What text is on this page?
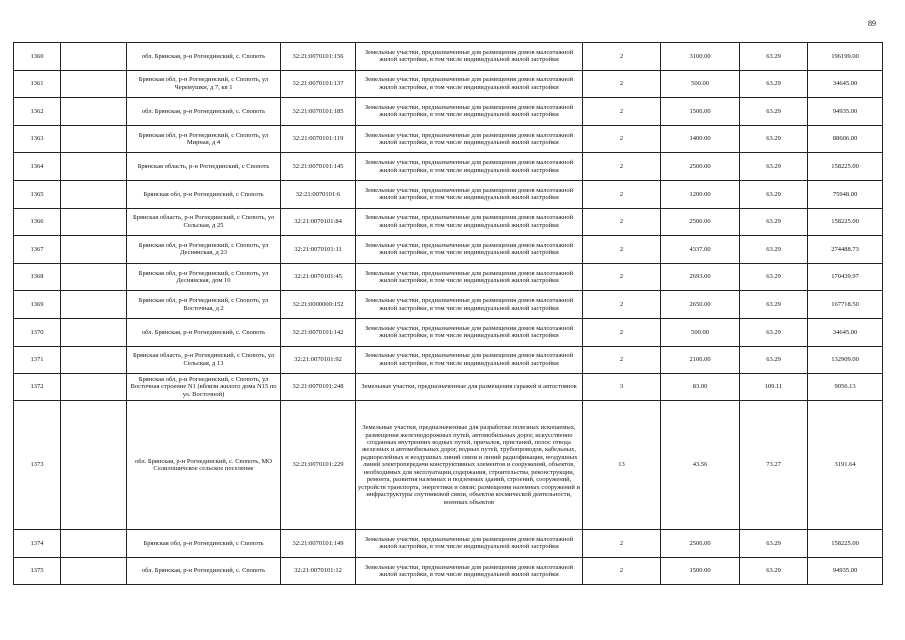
89
1360		обл. Брянская, р-н Рогнединский, с. Сnоnоть	32:21:0070101:156	Земельные участки, предназначенные для размещения домов малоэтажной жилой застройки, в том числе индивидуальной жилой застройки	2	3100.00	63.29	196199.00
1361		Брянская обл, р-н Рогнединский, с Сnоnоть, ул Черемушки, д 7, кв 1	32:21:0070101:137	Земельные участки, предназначенные для размещения домов малоэтажной жилой застройки, в том числе индивидуальной жилой застройки	2	500.00	63.29	34645.00
1362		обл. Брянская, р-н Рогнединский, с. Сnоnоть	32:21:0070101:185	Земельные участки, предназначенные для размещения домов малоэтажной жилой застройки, в том числе индивидуальной жилой застройки	2	1500.00	63.29	94935.00
1363		Брянская обл, р-н Рогнединский, с Сnоnоть, ул Мирная, д 4	32:21:0070101:119	Земельные участки, предназначенные для размещения домов малоэтажной жилой застройки, в том числе индивидуальной жилой застройки	2	1400.00	63.29	88606.00
1364		Брянская область, р-н Рогнединский, с Сnоnоть	32:21:0070101:145	Земельные участки, предназначенные для размещения домов малоэтажной жилой застройки, в том числе индивидуальной жилой застройки	2	2500.00	63.29	158225.00
1365		Брянская обл, р-н Рогнединский, с Сnоnоть	32:21:0070101:6	Земельные участки, предназначенные для размещения домов малоэтажной жилой застройки, в том числе индивидуальной жилой застройки	2	1200.00	63.29	75948.00
1366		Брянская область, р-н Рогнединский, с Сnоnоть, ул Сельская, д 25	32:21:0070101:84	Земельные участки, предназначенные для размещения домов малоэтажной жилой застройки, в том числе индивидуальной жилой застройки	2	2500.00	63.29	158225.00
1367		Брянская обл, р-н Рогнединский, с Сnоnоть, ул Деснянская, д 23	32:21:0070101:11	Земельные участки, предназначенные для размещения домов малоэтажной жилой застройки, в том числе индивидуальной жилой застройки	2	4337.00	63.29	274488.73
1368		Брянская обл, р-н Рогнединский, с Сnоnоть, ул Деснянская, дом 10	32:21:0070101:45	Земельные участки, предназначенные для размещения домов малоэтажной жилой застройки, в том числе индивидуальной жилой застройки	2	2693.00	63.29	170439.97
1369		Брянская обл, р-н Рогнединский, с Сnоnоть, ул Восточная, д 2	32:21:0000000:152	Земельные участки, предназначенные для размещения домов малоэтажной жилой застройки, в том числе индивидуальной жилой застройки	2	2650.00	63.29	167718.50
1370		обл. Брянская, р-н Рогнединский, с. Сnоnоть	32:21:0070101:142	Земельные участки, предназначенные для размещения домов малоэтажной жилой застройки, в том числе индивидуальной жилой застройки	2	500.00	63.29	34645.00
1371		Брянская область, р-н Рогнединский, с Сnоnоть, ул Сельская, д 13	32:21:0070101:92	Земельные участки, предназначенные для размещения домов малоэтажной жилой застройки, в том числе индивидуальной жилой застройки	2	2100.00	63.29	132909.00
1372		Брянская обл, р-н Рогнединский, с Сnоnоть, ул Восточная строение N1 (вблизи жилого дома N15 по ул. Восточной)	32:21:0070101:248	Земельные участки, предназначенные для размещения гаражей и автостоянок	3	83.00	109.11	9056.13
1373		обл. Брянская, р-н Рогнединский, с. Сnоnоть, МО Селилошичское сельское поселение	32:21:0070101:229	Земельные участки, предназначенные для разработки полезных ископаемых, размещения железнодорожных путей, автомобильных дорог, искусственно созданных внутренних водных путей, причалов, пристаней, полос отвода железных и автомобильных дорог, водных путей, трубопроводов, кабельных, радиорелейных и воздушных линий связи и линий радиофикации, воздушных линий электропередачи конструктивных элементов и сооружений, объектов, необходимых для эксплуатации,содержания, строительства, реконструкции, ремонта, развития наземных и подземных зданий, строений, сооружений, устройств транспорта, энергетики и связи; размещения наземных сооружений и инфраструктуры спутниковой связи, объектов космической деятельности, военных объектов	13	43.56	73.27	3191.64
1374		Брянская обл, р-н Рогнединский, с Сnоnоть	32:21:0070101:149	Земельные участки, предназначенные для размещения домов малоэтажной жилой застройки, в том числе индивидуальной жилой застройки	2	2500.00	63.29	158225.00
1375		обл. Брянская, р-н Рогнединский, с. Сnоnоть	32:21:0070101:12	Земельные участки, предназначенные для размещения домов малоэтажной жилой застройки, в том числе индивидуальной жилой застройки	2	1500.00	63.29	94935.00
